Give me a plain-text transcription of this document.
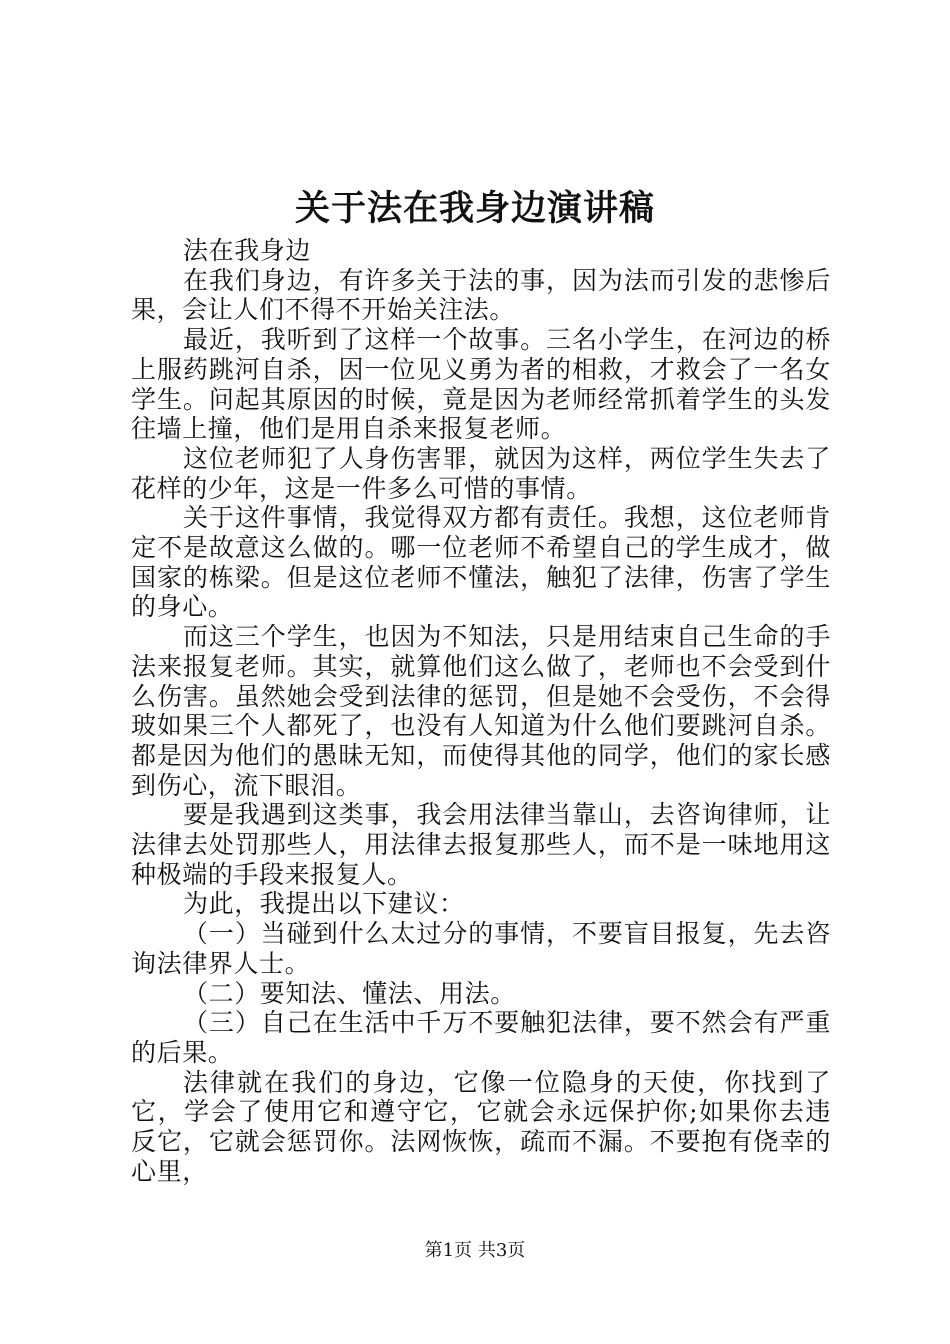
关于法在我身边演讲稿

法在我身边

在我们身边，有许多关于法的事，因为法而引发的悲惨后果，会让人们不得不开始关注法。

最近，我听到了这样一个故事。三名小学生，在河边的桥上服药跳河自杀，因一位见义勇为者的相救，才救会了一名女学生。问起其原因的时候，竟是因为老师经常抓着学生的头发往墙上撞，他们是用自杀来报复老师。

这位老师犯了人身伤害罪，就因为这样，两位学生失去了花样的少年，这是一件多么可惜的事情。

关于这件事情，我觉得双方都有责任。我想，这位老师肯定不是故意这么做的。哪一位老师不希望自己的学生成才，做国家的栋梁。但是这位老师不懂法，触犯了法律，伤害了学生的身心。

而这三个学生，也因为不知法，只是用结束自己生命的手法来报复老师。其实，就算他们这么做了，老师也不会受到什么伤害。虽然她会受到法律的惩罚，但是她不会受伤，不会得玻如果三个人都死了，也没有人知道为什么他们要跳河自杀。都是因为他们的愚昧无知，而使得其他的同学，他们的家长感到伤心，流下眼泪。

要是我遇到这类事，我会用法律当靠山，去咨询律师，让法律去处罚那些人，用法律去报复那些人，而不是一味地用这种极端的手段来报复人。

为此，我提出以下建议：

（一）当碰到什么太过分的事情，不要盲目报复，先去咨询法律界人士。

（二）要知法、懂法、用法。

（三）自己在生活中千万不要触犯法律，要不然会有严重的后果。

法律就在我们的身边，它像一位隐身的天使，你找到了它，学会了使用它和遵守它，它就会永远保护你;如果你去违反它，它就会惩罚你。法网恢恢，疏而不漏。不要抱有侥幸的心里，

第1页 共3页
